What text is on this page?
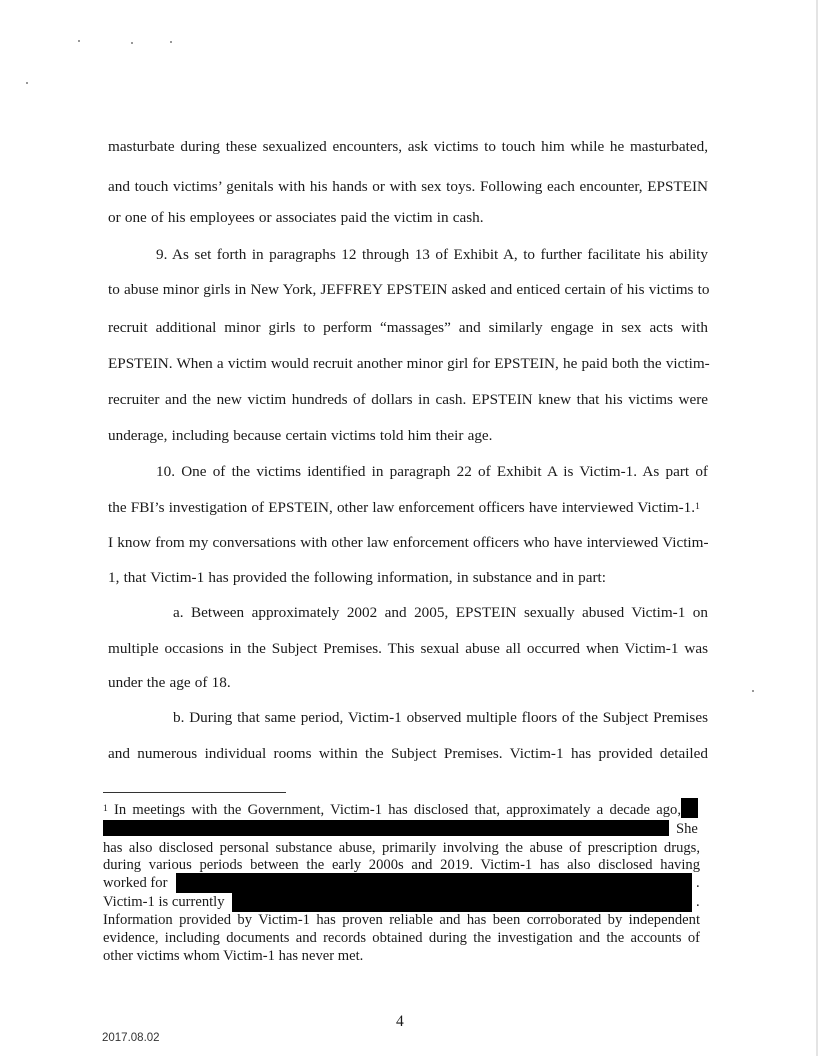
masturbate during these sexualized encounters, ask victims to touch him while he masturbated,
and touch victims’ genitals with his hands or with sex toys. Following each encounter, EPSTEIN
or one of his employees or associates paid the victim in cash.
9. As set forth in paragraphs 12 through 13 of Exhibit A, to further facilitate his ability
to abuse minor girls in New York, JEFFREY EPSTEIN asked and enticed certain of his victims to
recruit additional minor girls to perform “massages” and similarly engage in sex acts with
EPSTEIN. When a victim would recruit another minor girl for EPSTEIN, he paid both the victim-
recruiter and the new victim hundreds of dollars in cash. EPSTEIN knew that his victims were
underage, including because certain victims told him their age.
10. One of the victims identified in paragraph 22 of Exhibit A is Victim-1. As part of
the FBI’s investigation of EPSTEIN, other law enforcement officers have interviewed Victim-1.$^1$
I know from my conversations with other law enforcement officers who have interviewed Victim-
1, that Victim-1 has provided the following information, in substance and in part:
a. Between approximately 2002 and 2005, EPSTEIN sexually abused Victim-1 on
multiple occasions in the Subject Premises. This sexual abuse all occurred when Victim-1 was
under the age of 18.
b. During that same period, Victim-1 observed multiple floors of the Subject Premises
and numerous individual rooms within the Subject Premises. Victim-1 has provided detailed
$^1$ In meetings with the Government, Victim-1 has disclosed that, approximately a decade ago,
She
has also disclosed personal substance abuse, primarily involving the abuse of prescription drugs,
during various periods between the early 2000s and 2019. Victim-1 has also disclosed having
worked for	.
Victim-1 is currently	.
Information provided by Victim-1 has proven reliable and has been corroborated by independent
evidence, including documents and records obtained during the investigation and the accounts of
other victims whom Victim-1 has never met.
4
2017.08.02
